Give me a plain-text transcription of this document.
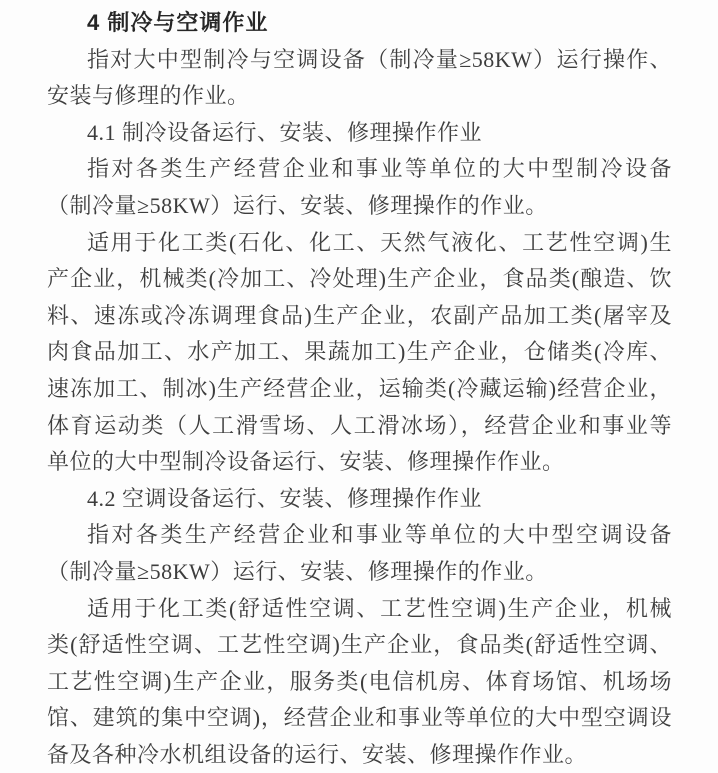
4 制冷与空调作业
指对大中型制冷与空调设备（制冷量≥58KW）运行操作、
安装与修理的作业。
4.1 制冷设备运行、安装、修理操作作业
指对各类生产经营企业和事业等单位的大中型制冷设备
（制冷量≥58KW）运行、安装、修理操作的作业。
适用于化工类(石化、化工、天然气液化、工艺性空调)生
产企业，机械类(冷加工、冷处理)生产企业，食品类(酿造、饮
料、速冻或冷冻调理食品)生产企业，农副产品加工类(屠宰及
肉食品加工、水产加工、果蔬加工)生产企业，仓储类(冷库、
速冻加工、制冰)生产经营企业，运输类(冷藏运输)经营企业，
体育运动类（人工滑雪场、人工滑冰场），经营企业和事业等
单位的大中型制冷设备运行、安装、修理操作作业。
4.2 空调设备运行、安装、修理操作作业
指对各类生产经营企业和事业等单位的大中型空调设备
（制冷量≥58KW）运行、安装、修理操作的作业。
适用于化工类(舒适性空调、工艺性空调)生产企业，机械
类(舒适性空调、工艺性空调)生产企业，食品类(舒适性空调、
工艺性空调)生产企业，服务类(电信机房、体育场馆、机场场
馆、建筑的集中空调)，经营企业和事业等单位的大中型空调设
备及各种冷水机组设备的运行、安装、修理操作作业。
